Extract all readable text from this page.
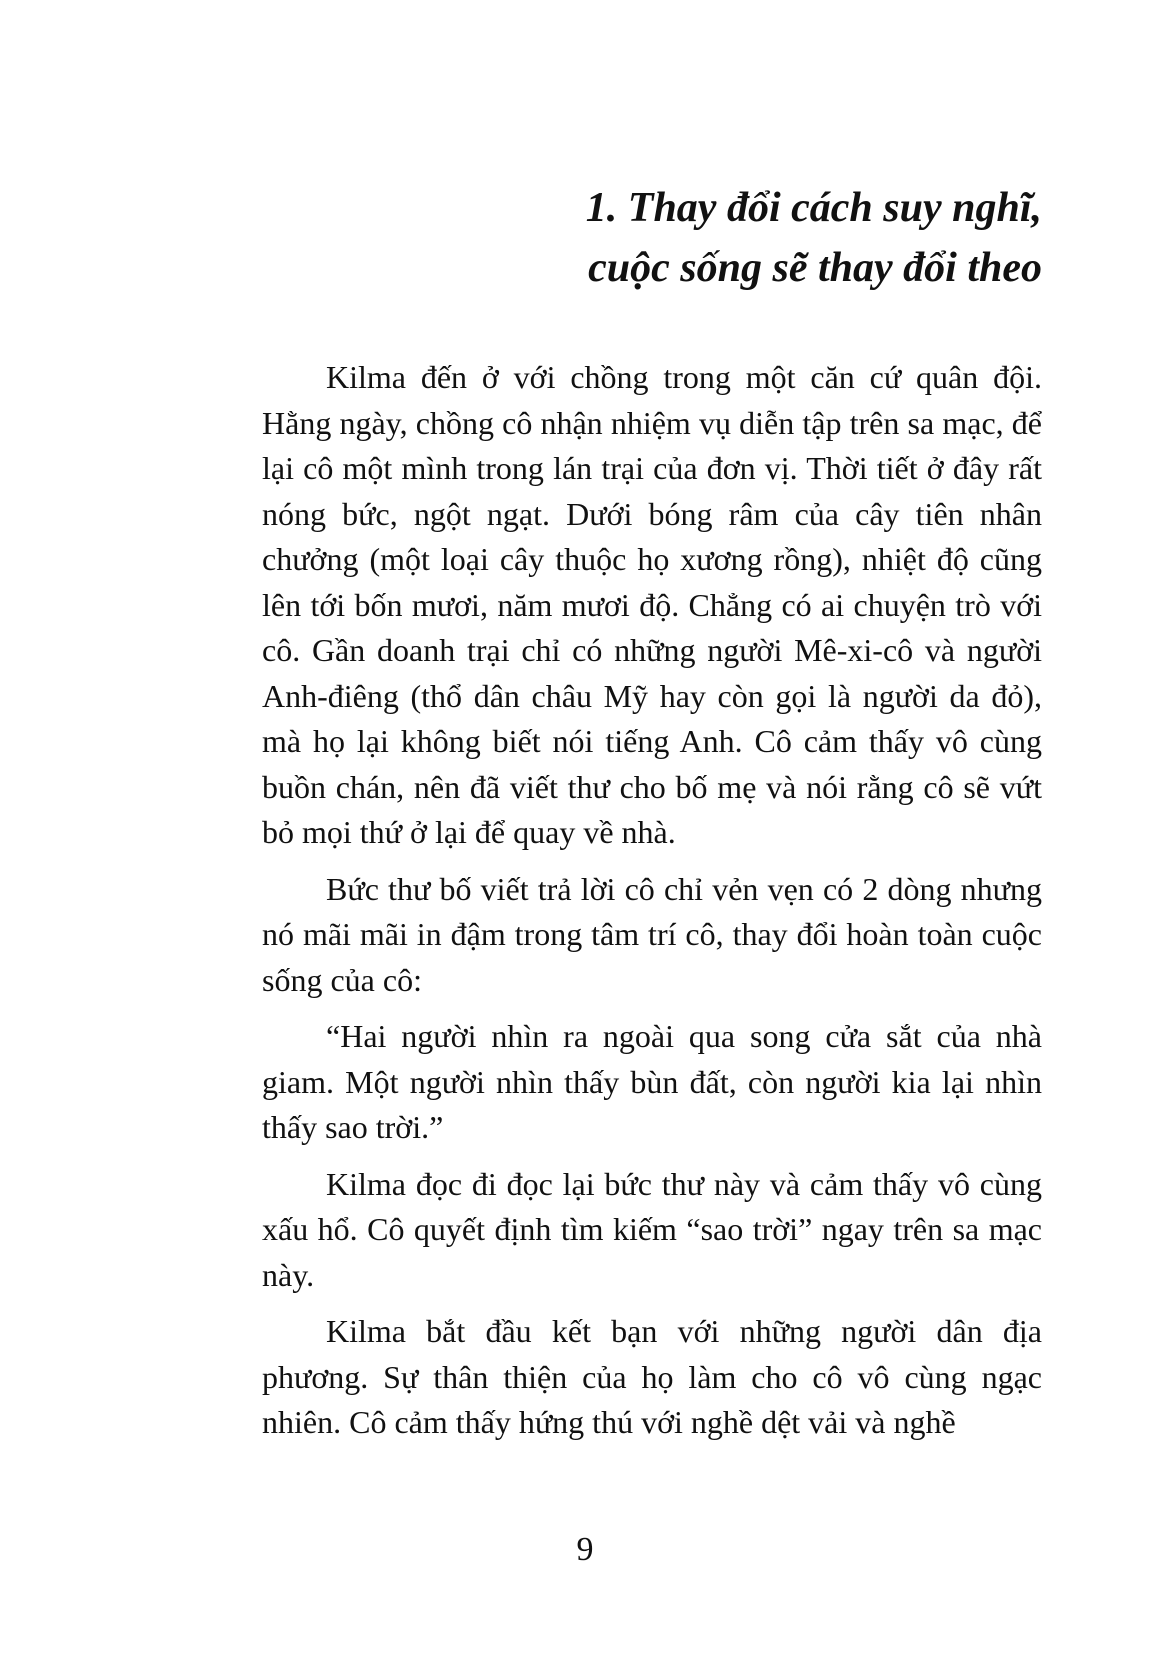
1. Thay đổi cách suy nghĩ,
cuộc sống sẽ thay đổi theo

Kilma đến ở với chồng trong một căn cứ quân đội. Hằng ngày, chồng cô nhận nhiệm vụ diễn tập trên sa mạc, để lại cô một mình trong lán trại của đơn vị. Thời tiết ở đây rất nóng bức, ngột ngạt. Dưới bóng râm của cây tiên nhân chưởng (một loại cây thuộc họ xương rồng), nhiệt độ cũng lên tới bốn mươi, năm mươi độ. Chẳng có ai chuyện trò với cô. Gần doanh trại chỉ có những người Mê-xi-cô và người Anh-điêng (thổ dân châu Mỹ hay còn gọi là người da đỏ), mà họ lại không biết nói tiếng Anh. Cô cảm thấy vô cùng buồn chán, nên đã viết thư cho bố mẹ và nói rằng cô sẽ vứt bỏ mọi thứ ở lại để quay về nhà.

Bức thư bố viết trả lời cô chỉ vẻn vẹn có 2 dòng nhưng nó mãi mãi in đậm trong tâm trí cô, thay đổi hoàn toàn cuộc sống của cô:

“Hai người nhìn ra ngoài qua song cửa sắt của nhà giam. Một người nhìn thấy bùn đất, còn người kia lại nhìn thấy sao trời.”

Kilma đọc đi đọc lại bức thư này và cảm thấy vô cùng xấu hổ. Cô quyết định tìm kiếm “sao trời” ngay trên sa mạc này.

Kilma bắt đầu kết bạn với những người dân địa phương. Sự thân thiện của họ làm cho cô vô cùng ngạc nhiên. Cô cảm thấy hứng thú với nghề dệt vải và nghề

9
